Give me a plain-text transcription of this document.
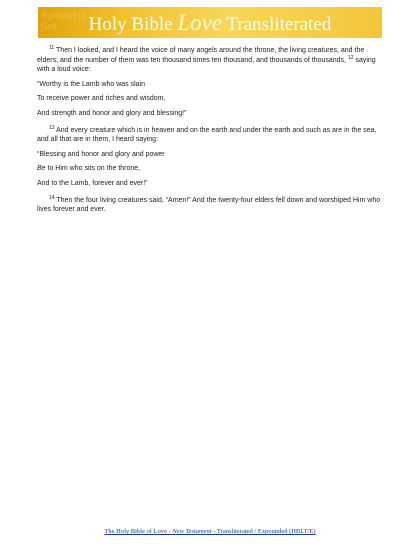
A prophet of God	Holy Bible Love Transliterated

$^{11}$ Then I looked, and I heard the voice of many angels around the throne, the living creatures, and the elders; and the number of them was ten thousand times ten thousand, and thousands of thousands, $^{12}$ saying with a loud voice:

“Worthy is the Lamb who was slain

To receive power and riches and wisdom,

And strength and honor and glory and blessing!”

$^{13}$ And every creature which is in heaven and on the earth and under the earth and such as are in the sea, and all that are in them, I heard saying:

“Blessing and honor and glory and power

Be to Him who sits on the throne,

And to the Lamb, forever and ever!”

$^{14}$ Then the four living creatures said, “Amen!” And the twenty-four elders fell down and worshiped Him who lives forever and ever.

The Holy Bible of Love - New Testament - Transliterated / Expounded (HBLT/E)
